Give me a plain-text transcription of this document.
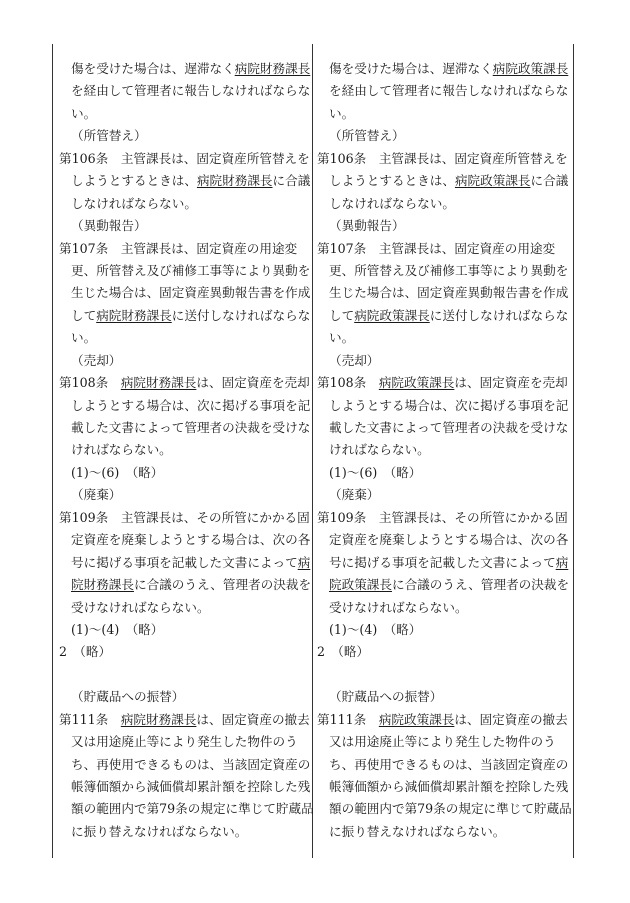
傷を受けた場合は、遅滞なく病院財務課長
を経由して管理者に報告しなければならな
い。
（所管替え）
第106条　主管課長は、固定資産所管替えを
しようとするときは、病院財務課長に合議
しなければならない。
（異動報告）
第107条　主管課長は、固定資産の用途変
更、所管替え及び補修工事等により異動を
生じた場合は、固定資産異動報告書を作成
して病院財務課長に送付しなければならな
い。
（売却）
第108条　病院財務課長は、固定資産を売却
しようとする場合は、次に掲げる事項を記
載した文書によって管理者の決裁を受けな
ければならない。
(1)～(6)　（略）
（廃棄）
第109条　主管課長は、その所管にかかる固
定資産を廃棄しようとする場合は、次の各
号に掲げる事項を記載した文書によって病
院財務課長に合議のうえ、管理者の決裁を
受けなければならない。
(1)～(4)　（略）
2　（略）
（貯蔵品への振替）
第111条　病院財務課長は、固定資産の撤去
又は用途廃止等により発生した物件のう
ち、再使用できるものは、当該固定資産の
帳簿価額から減価償却累計額を控除した残
額の範囲内で第79条の規定に準じて貯蔵品
に振り替えなければならない。
傷を受けた場合は、遅滞なく病院政策課長
を経由して管理者に報告しなければならな
い。
（所管替え）
第106条　主管課長は、固定資産所管替えを
しようとするときは、病院政策課長に合議
しなければならない。
（異動報告）
第107条　主管課長は、固定資産の用途変
更、所管替え及び補修工事等により異動を
生じた場合は、固定資産異動報告書を作成
して病院政策課長に送付しなければならな
い。
（売却）
第108条　病院政策課長は、固定資産を売却
しようとする場合は、次に掲げる事項を記
載した文書によって管理者の決裁を受けな
ければならない。
(1)～(6)　（略）
（廃棄）
第109条　主管課長は、その所管にかかる固
定資産を廃棄しようとする場合は、次の各
号に掲げる事項を記載した文書によって病
院政策課長に合議のうえ、管理者の決裁を
受けなければならない。
(1)～(4)　（略）
2　（略）
（貯蔵品への振替）
第111条　病院政策課長は、固定資産の撤去
又は用途廃止等により発生した物件のう
ち、再使用できるものは、当該固定資産の
帳簿価額から減価償却累計額を控除した残
額の範囲内で第79条の規定に準じて貯蔵品
に振り替えなければならない。
